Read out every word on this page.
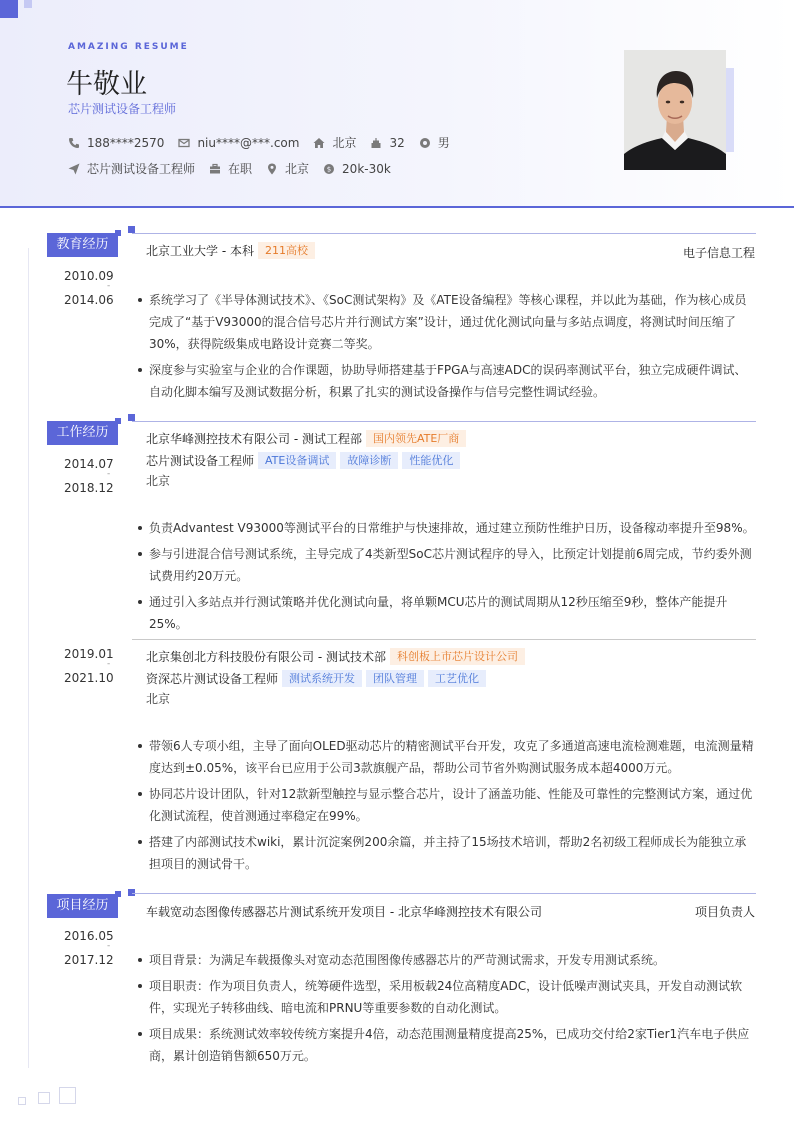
AMAZING RESUME
牛敬业
芯片测试设备工程师
188****2570	niu****@***.com	北京	32	男
芯片测试设备工程师	在职	北京	$ 20k-30k
教育经历	北京工业大学 - 本科	211高校	电子信息工程
2010.09
-
2014.06	系统学习了《半导体测试技术》、《SoC测试架构》及《ATE设备编程》等核心课程，并以此为基础，作为核心成员完成了“基于V93000的混合信号芯片并行测试方案”设计，通过优化测试向量与多站点调度，将测试时间压缩了30%，获得院级集成电路设计竞赛二等奖。
深度参与实验室与企业的合作课题，协助导师搭建基于FPGA与高速ADC的误码率测试平台，独立完成硬件调试、自动化脚本编写及测试数据分析，积累了扎实的测试设备操作与信号完整性调试经验。
工作经历	北京华峰测控技术有限公司 - 测试工程部	国内领先ATE厂商
芯片测试设备工程师	ATE设备调试	故障诊断	性能优化
北京
2014.07
-
2018.12
负责Advantest V93000等测试平台的日常维护与快速排故，通过建立预防性维护日历，设备稼动率提升至98%。
参与引进混合信号测试系统，主导完成了4类新型SoC芯片测试程序的导入，比预定计划提前6周完成，节约委外测试费用约20万元。
通过引入多站点并行测试策略并优化测试向量，将单颗MCU芯片的测试周期从12秒压缩至9秒，整体产能提升25%。
北京集创北方科技股份有限公司 - 测试技术部	科创板上市芯片设计公司
资深芯片测试设备工程师	测试系统开发	团队管理	工艺优化
北京
2019.01
-
2021.10
带领6人专项小组，主导了面向OLED驱动芯片的精密测试平台开发，攻克了多通道高速电流检测难题，电流测量精度达到±0.05%，该平台已应用于公司3款旗舰产品，帮助公司节省外购测试服务成本超4000万元。
协同芯片设计团队，针对12款新型触控与显示整合芯片，设计了涵盖功能、性能及可靠性的完整测试方案，通过优化测试流程，使首测通过率稳定在99%。
搭建了内部测试技术wiki，累计沉淀案例200余篇，并主持了15场技术培训，帮助2名初级工程师成长为能独立承担项目的测试骨干。
项目经历	车载宽动态图像传感器芯片测试系统开发项目 - 北京华峰测控技术有限公司	项目负责人
2016.05
-
2017.12	项目背景：为满足车载摄像头对宽动态范围图像传感器芯片的严苛测试需求，开发专用测试系统。
项目职责：作为项目负责人，统筹硬件选型，采用板载24位高精度ADC，设计低噪声测试夹具，开发自动测试软件，实现光子转移曲线、暗电流和PRNU等重要参数的自动化测试。
项目成果：系统测试效率较传统方案提升4倍，动态范围测量精度提高25%，已成功交付给2家Tier1汽车电子供应商，累计创造销售额650万元。
